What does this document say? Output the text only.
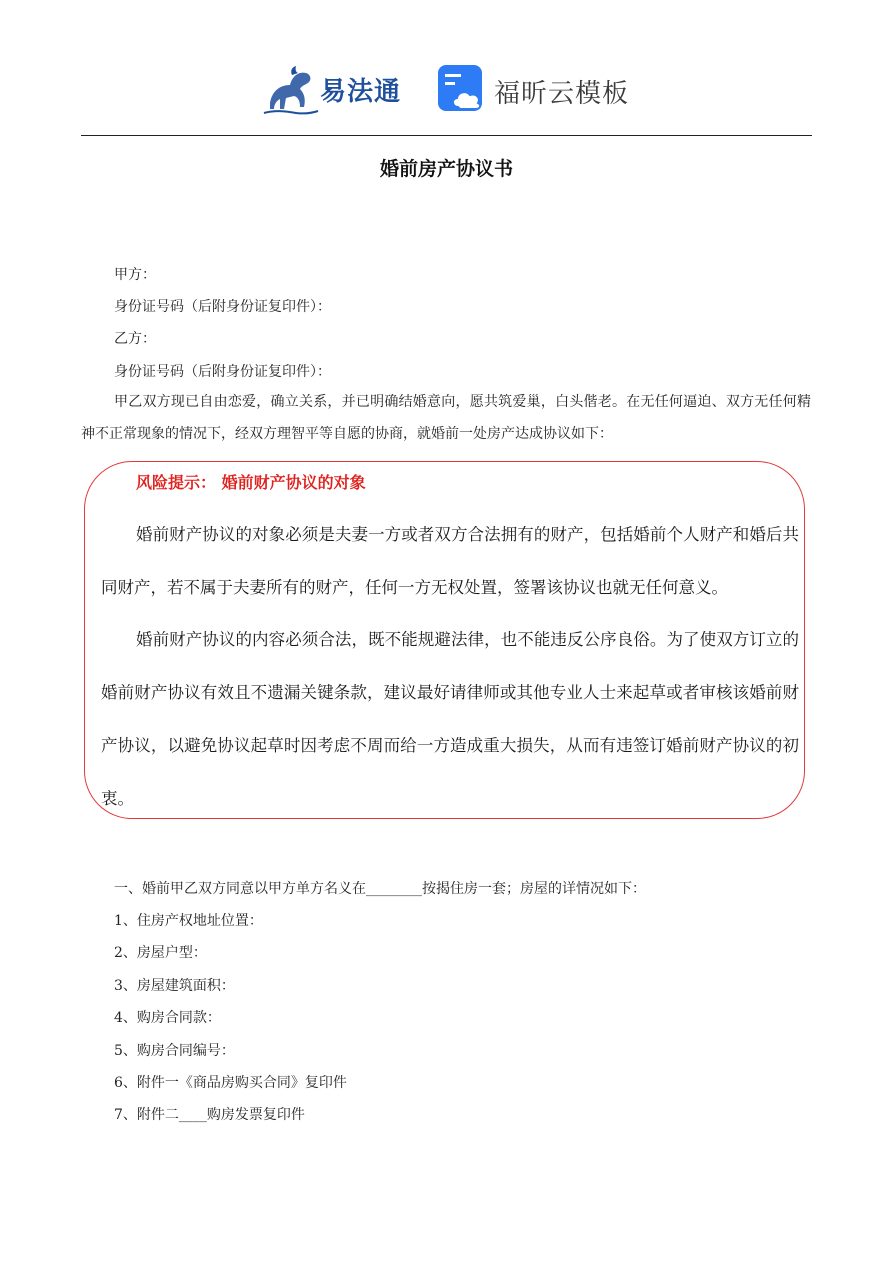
易法通	福昕云模板
婚前房产协议书
甲方：
身份证号码（后附身份证复印件）：
乙方：
身份证号码（后附身份证复印件）：
甲乙双方现已自由恋爱，确立关系，并已明确结婚意向，愿共筑爱巢，白头偕老。在无任何逼迫、双方无任何精神不正常现象的情况下，经双方理智平等自愿的协商，就婚前一处房产达成协议如下：
风险提示： 婚前财产协议的对象
婚前财产协议的对象必须是夫妻一方或者双方合法拥有的财产，包括婚前个人财产和婚后共同财产，若不属于夫妻所有的财产，任何一方无权处置，签署该协议也就无任何意义。
婚前财产协议的内容必须合法，既不能规避法律，也不能违反公序良俗。为了使双方订立的婚前财产协议有效且不遗漏关键条款，建议最好请律师或其他专业人士来起草或者审核该婚前财产协议，以避免协议起草时因考虑不周而给一方造成重大损失，从而有违签订婚前财产协议的初衷。
一、婚前甲乙双方同意以甲方单方名义在________按揭住房一套；房屋的详情况如下：
1、住房产权地址位置：
2、房屋户型：
3、房屋建筑面积：
4、购房合同款：
5、购房合同编号：
6、附件一《商品房购买合同》复印件
7、附件二____购房发票复印件
